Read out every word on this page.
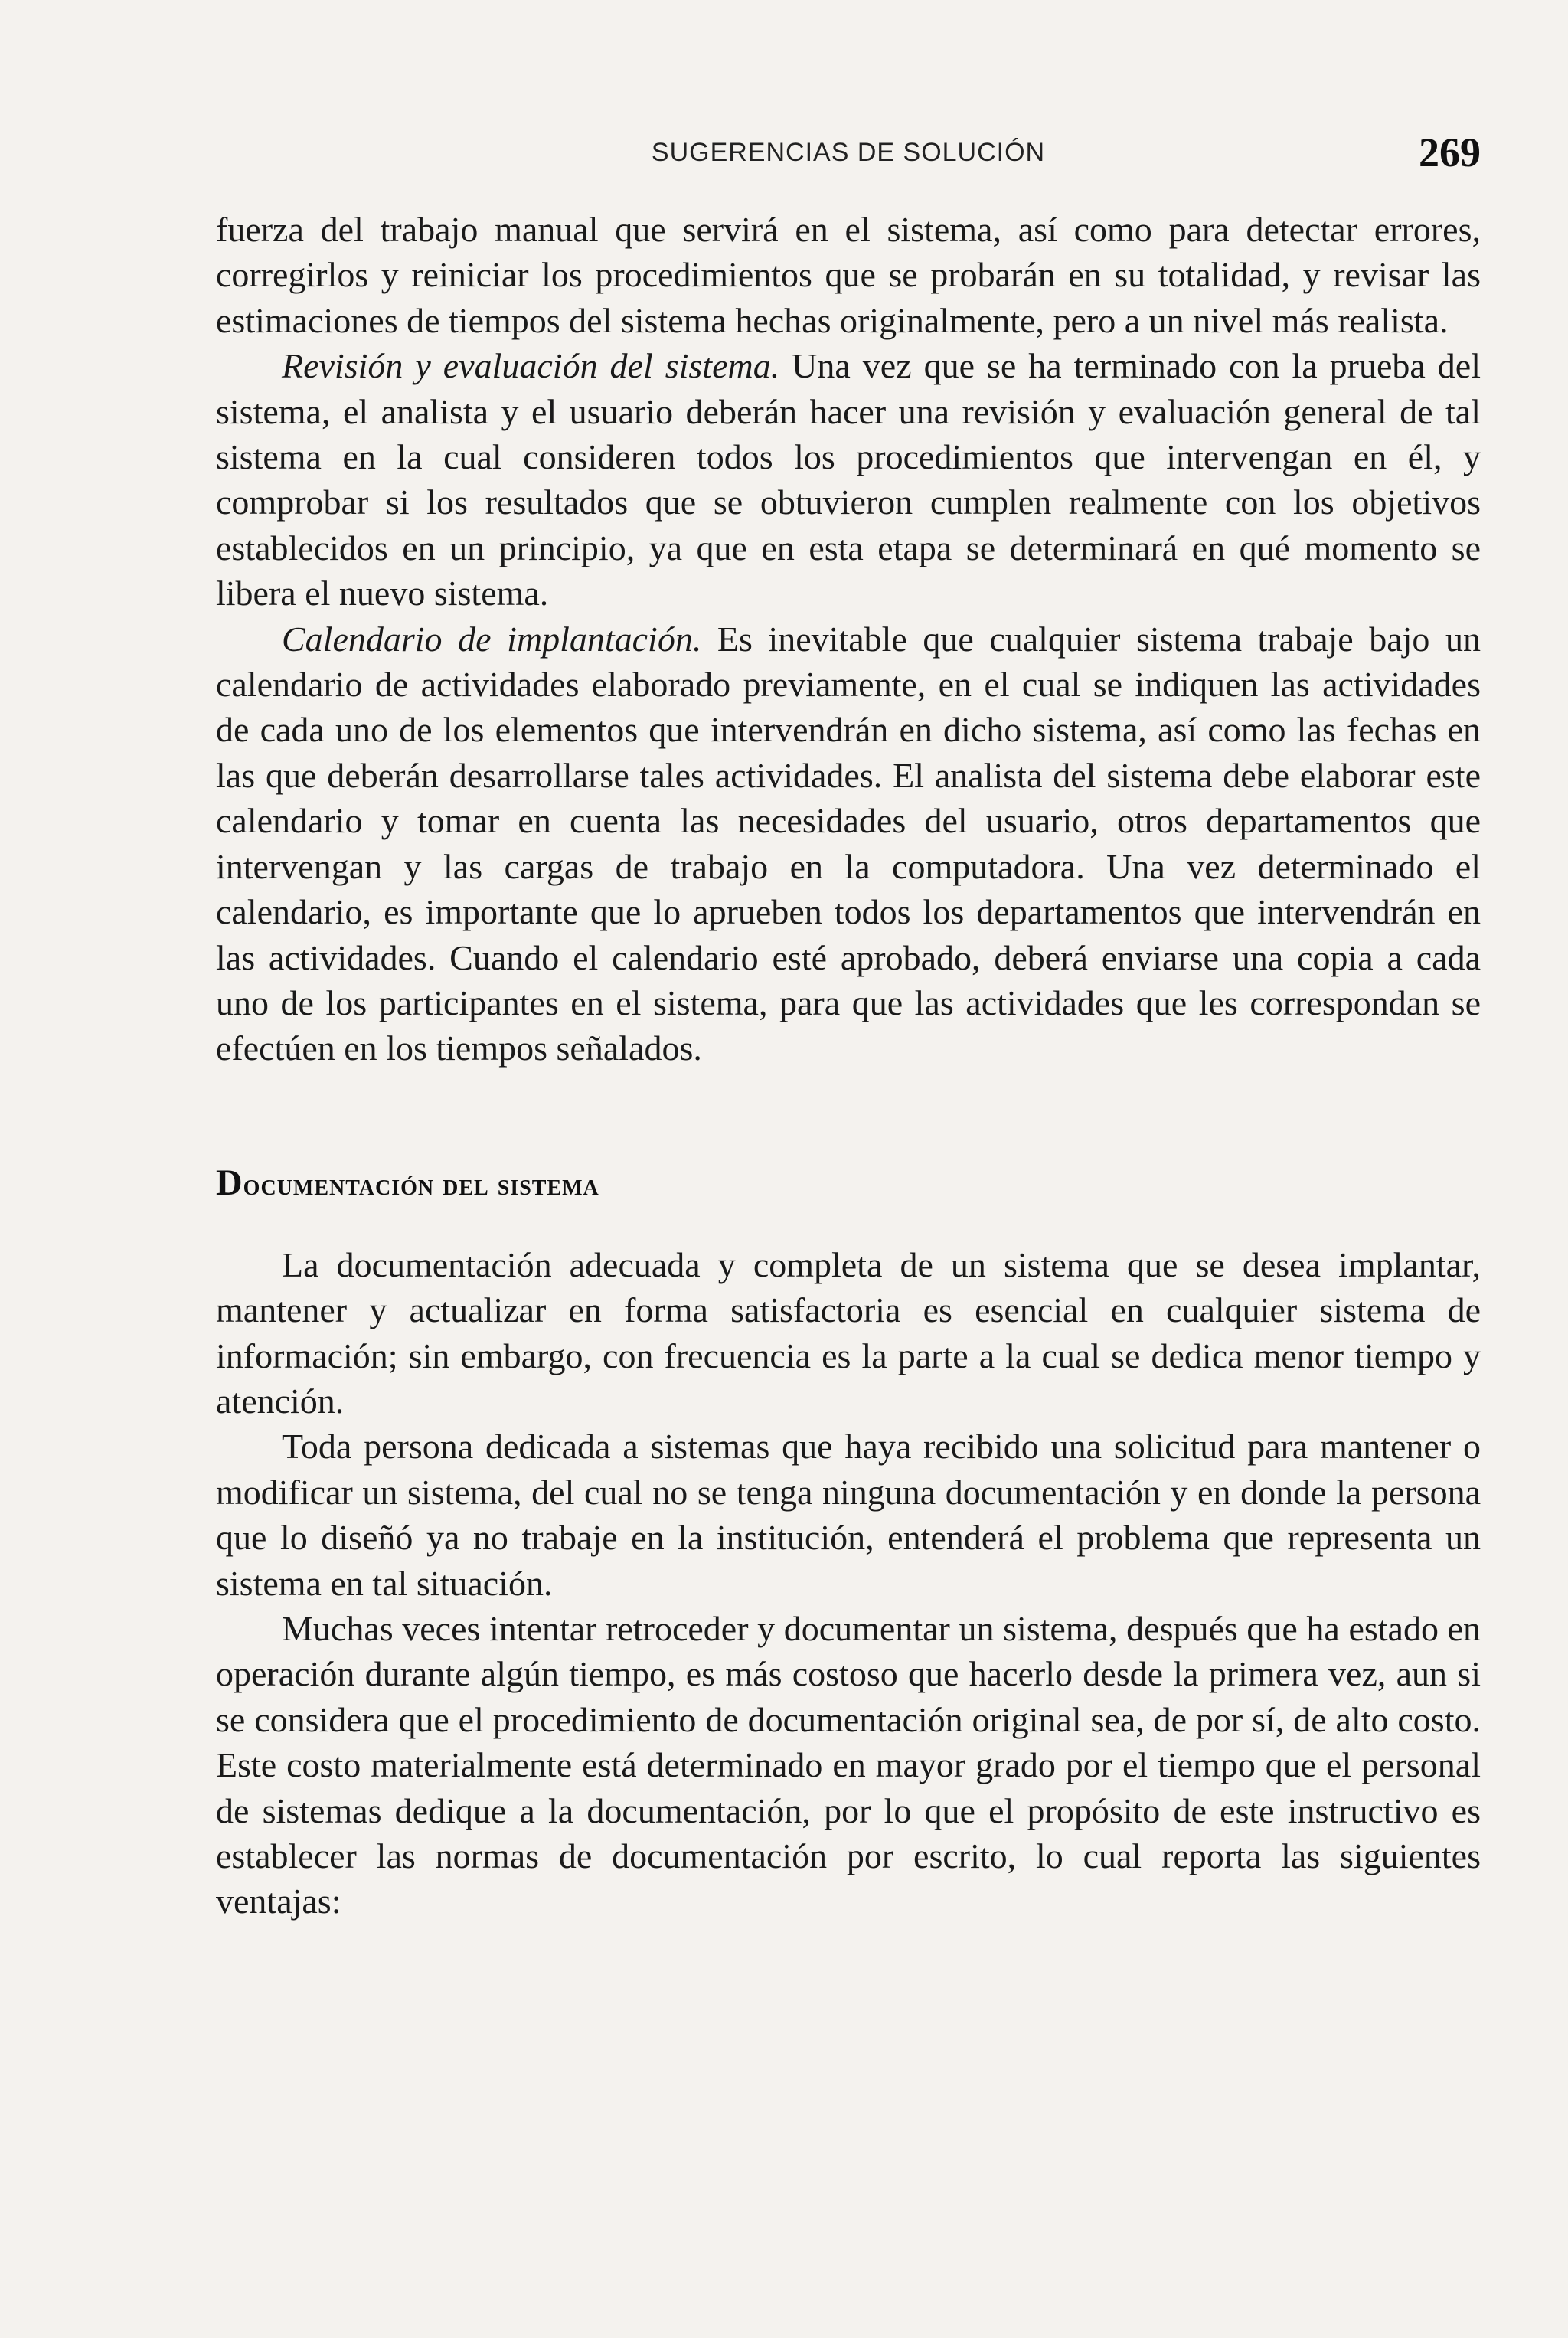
SUGERENCIAS DE SOLUCIÓN	269

fuerza del trabajo manual que servirá en el sistema, así como para detectar errores, corregirlos y reiniciar los procedimientos que se probarán en su totalidad, y revisar las estimaciones de tiempos del sistema hechas originalmente, pero a un nivel más realista.

Revisión y evaluación del sistema. Una vez que se ha terminado con la prueba del sistema, el analista y el usuario deberán hacer una revisión y evaluación general de tal sistema en la cual consideren todos los procedimientos que intervengan en él, y comprobar si los resultados que se obtuvieron cumplen realmente con los objetivos establecidos en un principio, ya que en esta etapa se determinará en qué momento se libera el nuevo sistema.

Calendario de implantación. Es inevitable que cualquier sistema trabaje bajo un calendario de actividades elaborado previamente, en el cual se indiquen las actividades de cada uno de los elementos que intervendrán en dicho sistema, así como las fechas en las que deberán desarrollarse tales actividades. El analista del sistema debe elaborar este calendario y tomar en cuenta las necesidades del usuario, otros departamentos que intervengan y las cargas de trabajo en la computadora. Una vez determinado el calendario, es importante que lo aprueben todos los departamentos que intervendrán en las actividades. Cuando el calendario esté aprobado, deberá enviarse una copia a cada uno de los participantes en el sistema, para que las actividades que les correspondan se efectúen en los tiempos señalados.

Documentación del sistema

La documentación adecuada y completa de un sistema que se desea implantar, mantener y actualizar en forma satisfactoria es esencial en cualquier sistema de información; sin embargo, con frecuencia es la parte a la cual se dedica menor tiempo y atención.

Toda persona dedicada a sistemas que haya recibido una solicitud para mantener o modificar un sistema, del cual no se tenga ninguna documentación y en donde la persona que lo diseñó ya no trabaje en la institución, entenderá el problema que representa un sistema en tal situación.

Muchas veces intentar retroceder y documentar un sistema, después que ha estado en operación durante algún tiempo, es más costoso que hacerlo desde la primera vez, aun si se considera que el procedimiento de documentación original sea, de por sí, de alto costo. Este costo materialmente está determinado en mayor grado por el tiempo que el personal de sistemas dedique a la documentación, por lo que el propósito de este instructivo es establecer las normas de documentación por escrito, lo cual reporta las siguientes ventajas:
